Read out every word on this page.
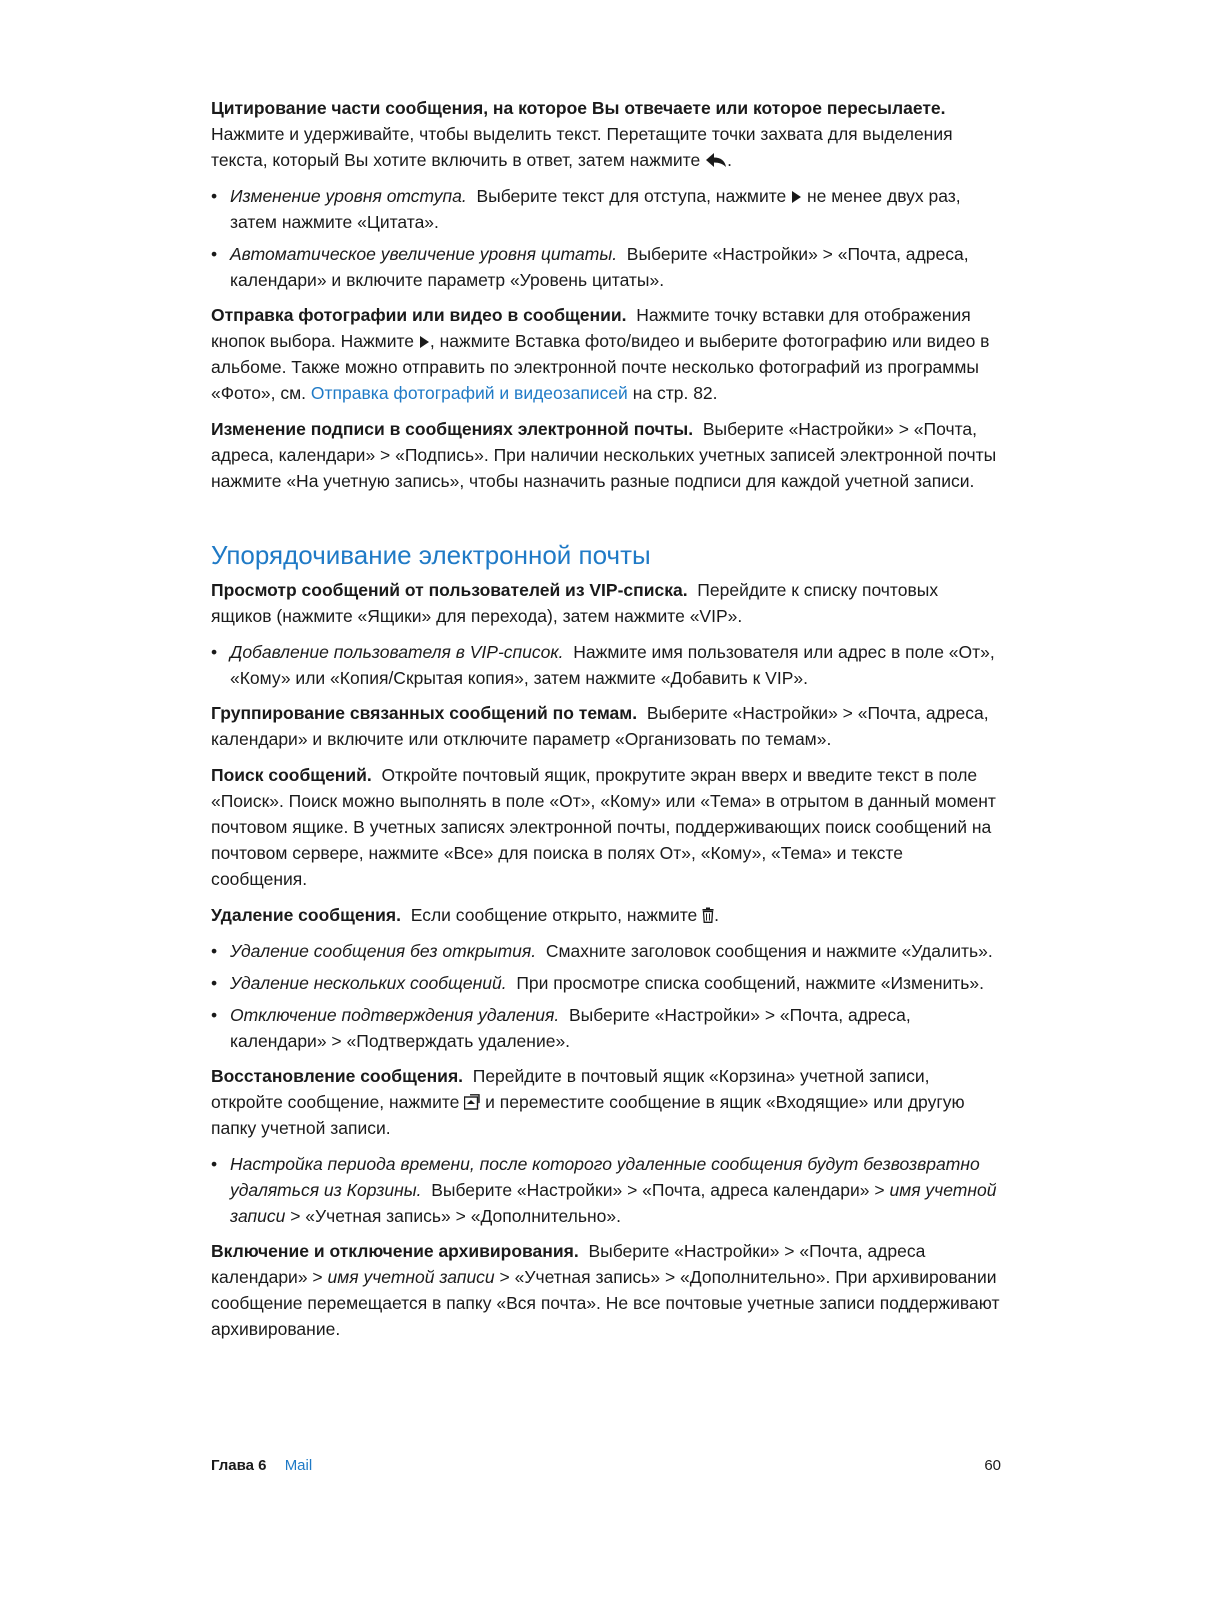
Цитирование части сообщения, на которое Вы отвечаете или которое пересылаете. Нажмите и удерживайте, чтобы выделить текст. Перетащите точки захвата для выделения текста, который Вы хотите включить в ответ, затем нажмите .

• Изменение уровня отступа. Выберите текст для отступа, нажмите не менее двух раз, затем нажмите «Цитата».
• Автоматическое увеличение уровня цитаты. Выберите «Настройки» > «Почта, адреса, календари» и включите параметр «Уровень цитаты».

Отправка фотографии или видео в сообщении. Нажмите точку вставки для отображения кнопок выбора. Нажмите , нажмите Вставка фото/видео и выберите фотографию или видео в альбоме. Также можно отправить по электронной почте несколько фотографий из программы «Фото», см. Отправка фотографий и видеозаписей на стр. 82.

Изменение подписи в сообщениях электронной почты. Выберите «Настройки» > «Почта, адреса, календари» > «Подпись». При наличии нескольких учетных записей электронной почты нажмите «На учетную запись», чтобы назначить разные подписи для каждой учетной записи.

Упорядочивание электронной почты

Просмотр сообщений от пользователей из VIP-списка. Перейдите к списку почтовых ящиков (нажмите «Ящики» для перехода), затем нажмите «VIP».

• Добавление пользователя в VIP-список. Нажмите имя пользователя или адрес в поле «От», «Кому» или «Копия/Скрытая копия», затем нажмите «Добавить к VIP».

Группирование связанных сообщений по темам. Выберите «Настройки» > «Почта, адреса, календари» и включите или отключите параметр «Организовать по темам».

Поиск сообщений. Откройте почтовый ящик, прокрутите экран вверх и введите текст в поле «Поиск». Поиск можно выполнять в поле «От», «Кому» или «Тема» в отрытом в данный момент почтовом ящике. В учетных записях электронной почты, поддерживающих поиск сообщений на почтовом сервере, нажмите «Все» для поиска в полях От», «Кому», «Тема» и тексте сообщения.

Удаление сообщения. Если сообщение открыто, нажмите .

• Удаление сообщения без открытия. Смахните заголовок сообщения и нажмите «Удалить».
• Удаление нескольких сообщений. При просмотре списка сообщений, нажмите «Изменить».
• Отключение подтверждения удаления. Выберите «Настройки» > «Почта, адреса, календари» > «Подтверждать удаление».

Восстановление сообщения. Перейдите в почтовый ящик «Корзина» учетной записи, откройте сообщение, нажмите и переместите сообщение в ящик «Входящие» или другую папку учетной записи.

• Настройка периода времени, после которого удаленные сообщения будут безвозвратно удаляться из Корзины. Выберите «Настройки» > «Почта, адреса календари» > имя учетной записи > «Учетная запись» > «Дополнительно».

Включение и отключение архивирования. Выберите «Настройки» > «Почта, адреса календари» > имя учетной записи > «Учетная запись» > «Дополнительно». При архивировании сообщение перемещается в папку «Вся почта». Не все почтовые учетные записи поддерживают архивирование.

Глава 6 Mail	60
